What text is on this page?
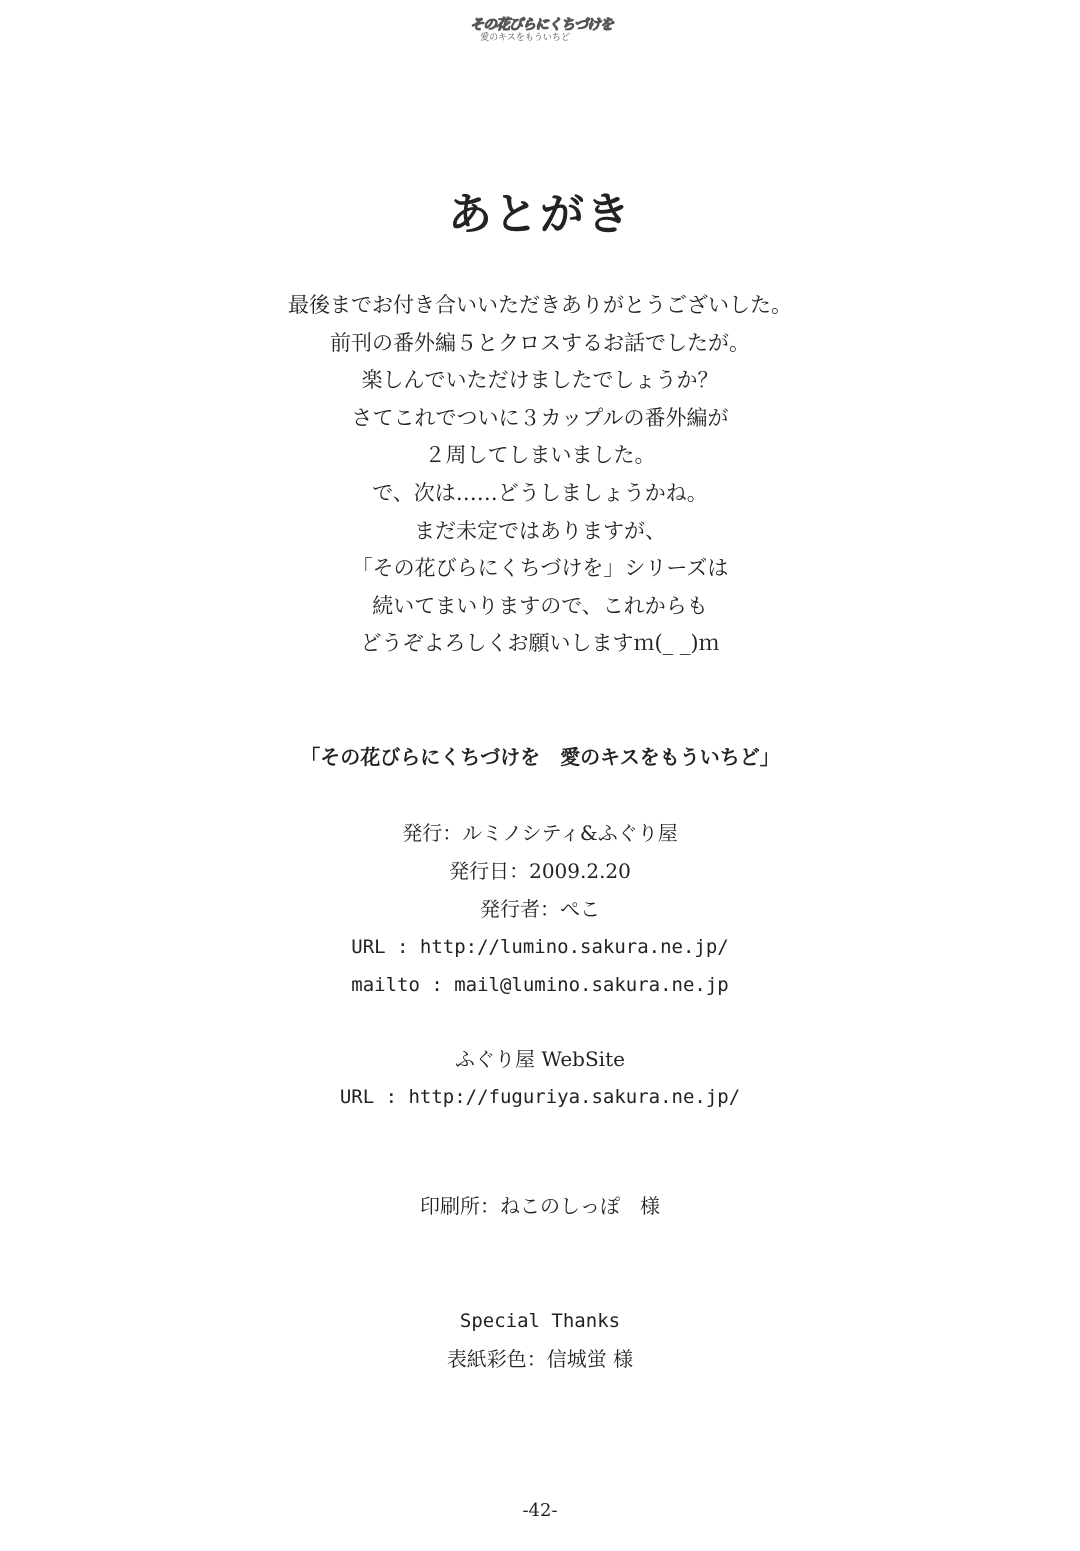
その花びらにくちづけを
愛のキスをもういちど
あとがき
最後までお付き合いいただきありがとうございした。
前刊の番外編５とクロスするお話でしたが。
楽しんでいただけましたでしょうか？
さてこれでついに３カップルの番外編が
２周してしまいました。
で、次は……どうしましょうかね。
まだ未定ではありますが、
「その花びらにくちづけを」シリーズは
続いてまいりますので、これからも
どうぞよろしくお願いしますｍ(_ _)ｍ
「その花びらにくちづけを　愛のキスをもういちど」
発行：ルミノシティ&ふぐり屋
発行日：2009.2.20
発行者：ぺこ
URL : http://lumino.sakura.ne.jp/
mailto : mail@lumino.sakura.ne.jp
ふぐり屋 WebSite
URL : http://fuguriya.sakura.ne.jp/
印刷所：ねこのしっぽ　様
Special Thanks
表紙彩色：信城蛍 様
-42-
